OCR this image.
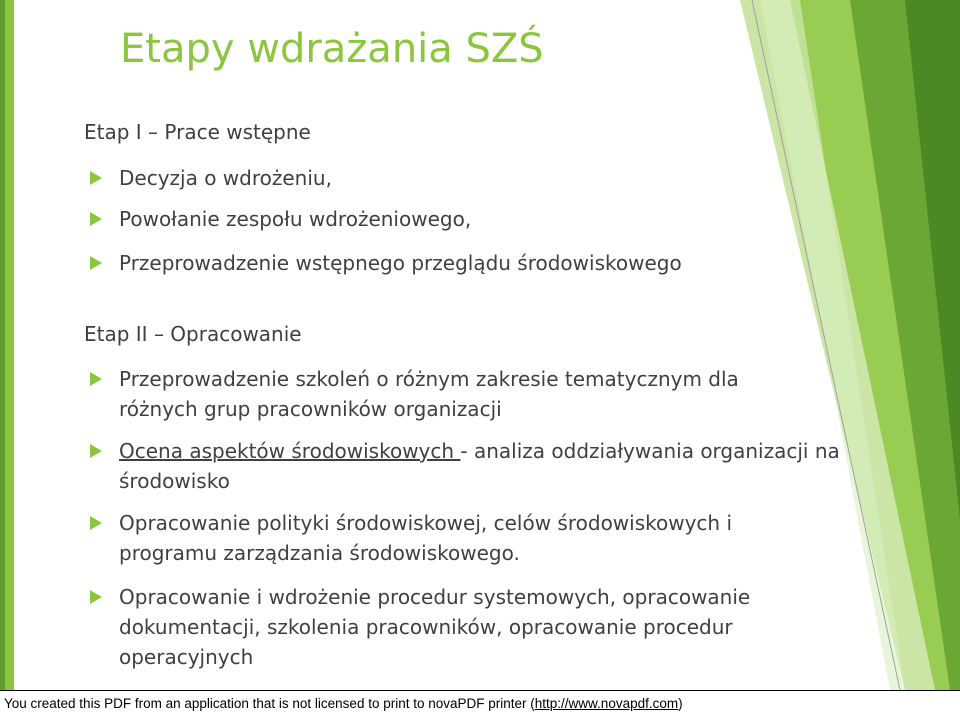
Etapy wdrażania SZŚ
Etap I – Prace wstępne
Decyzja o wdrożeniu,
Powołanie zespołu wdrożeniowego,
Przeprowadzenie wstępnego przeglądu środowiskowego
Etap II – Opracowanie
Przeprowadzenie szkoleń o różnym zakresie tematycznym dla różnych grup pracowników organizacji
Ocena aspektów środowiskowych - analiza oddziaływania organizacji na środowisko
Opracowanie polityki środowiskowej, celów środowiskowych i programu zarządzania środowiskowego.
Opracowanie i wdrożenie procedur systemowych, opracowanie dokumentacji, szkolenia pracowników, opracowanie procedur operacyjnych
You created this PDF from an application that is not licensed to print to novaPDF printer (http://www.novapdf.com)
